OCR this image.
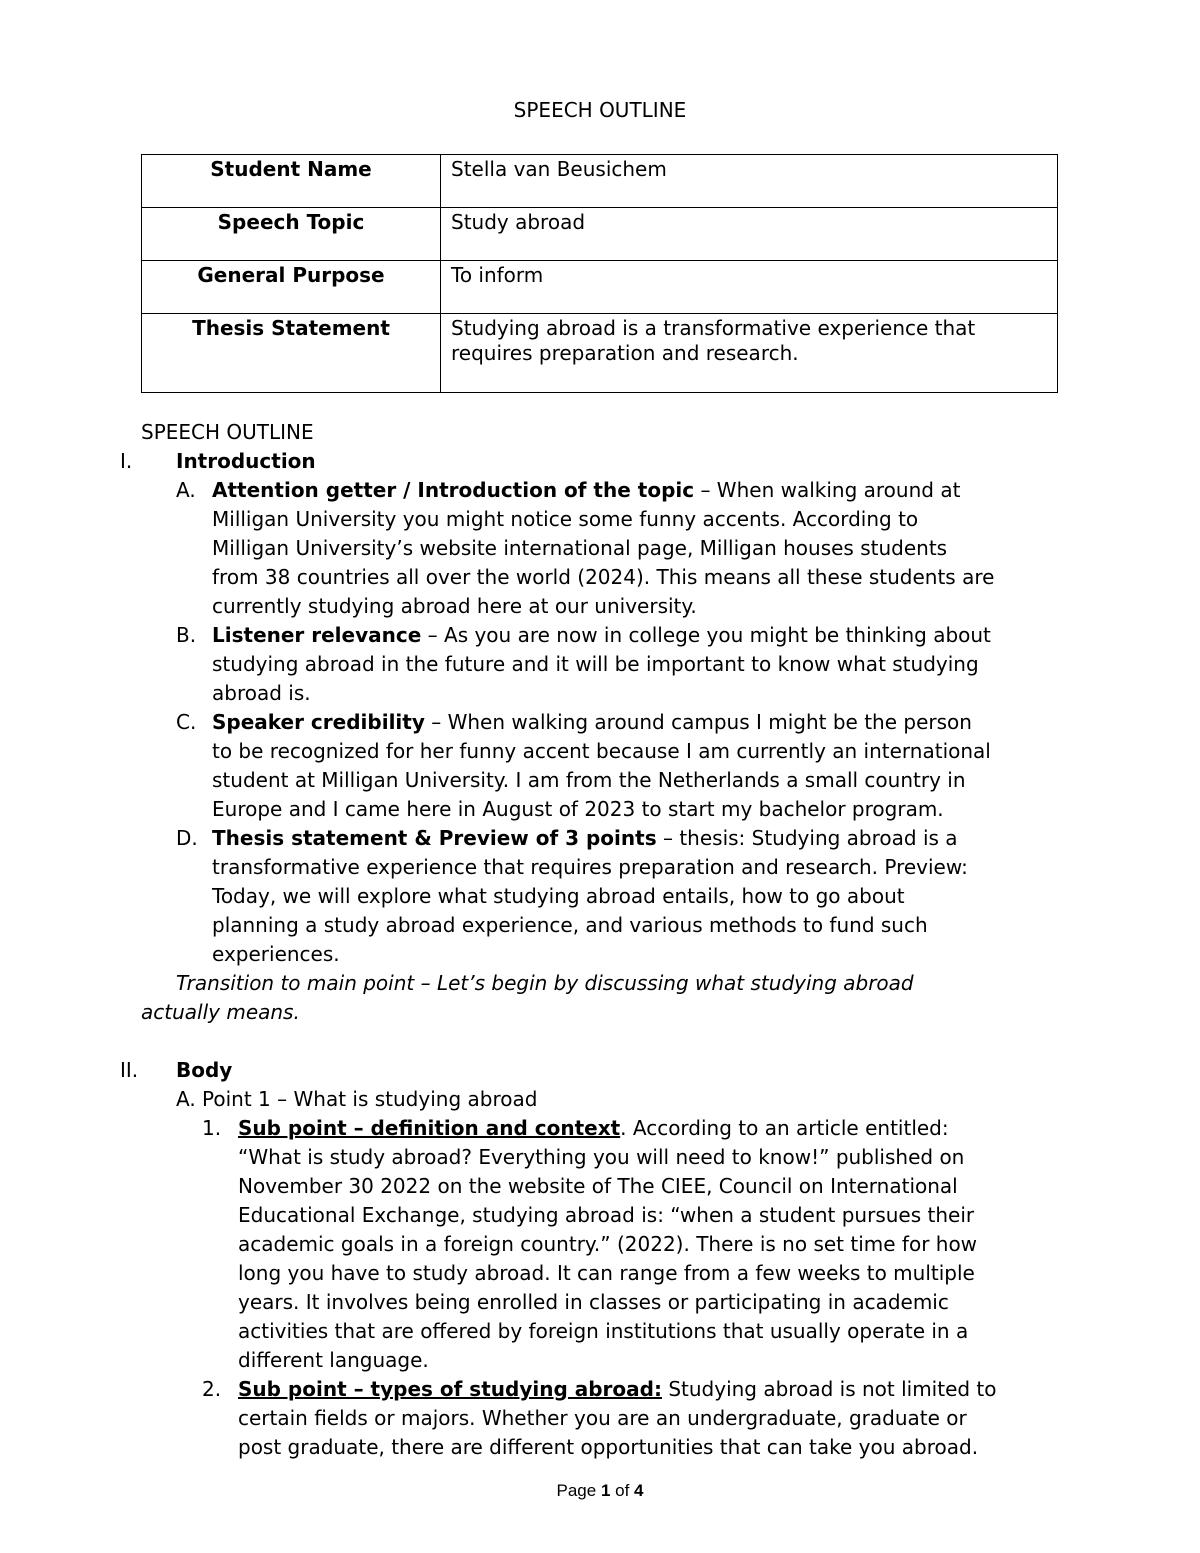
SPEECH OUTLINE
Student Name	Stella van Beusichem
Speech Topic	Study abroad
General Purpose	To inform
Thesis Statement	Studying abroad is a transformative experience that requires preparation and research.
SPEECH OUTLINE
I. Introduction
A. Attention getter / Introduction of the topic – When walking around at
Milligan University you might notice some funny accents. According to
Milligan University’s website international page, Milligan houses students
from 38 countries all over the world (2024). This means all these students are
currently studying abroad here at our university.
B. Listener relevance – As you are now in college you might be thinking about
studying abroad in the future and it will be important to know what studying
abroad is.
C. Speaker credibility – When walking around campus I might be the person
to be recognized for her funny accent because I am currently an international
student at Milligan University. I am from the Netherlands a small country in
Europe and I came here in August of 2023 to start my bachelor program.
D. Thesis statement & Preview of 3 points – thesis: Studying abroad is a
transformative experience that requires preparation and research. Preview:
Today, we will explore what studying abroad entails, how to go about
planning a study abroad experience, and various methods to fund such
experiences.
Transition to main point – Let’s begin by discussing what studying abroad
actually means.
II. Body
A. Point 1 – What is studying abroad
1. Sub point – definition and context. According to an article entitled:
“What is study abroad? Everything you will need to know!” published on
November 30 2022 on the website of The CIEE, Council on International
Educational Exchange, studying abroad is: “when a student pursues their
academic goals in a foreign country.” (2022). There is no set time for how
long you have to study abroad. It can range from a few weeks to multiple
years. It involves being enrolled in classes or participating in academic
activities that are offered by foreign institutions that usually operate in a
different language.
2. Sub point – types of studying abroad: Studying abroad is not limited to
certain fields or majors. Whether you are an undergraduate, graduate or
post graduate, there are different opportunities that can take you abroad.
Page 1 of 4
